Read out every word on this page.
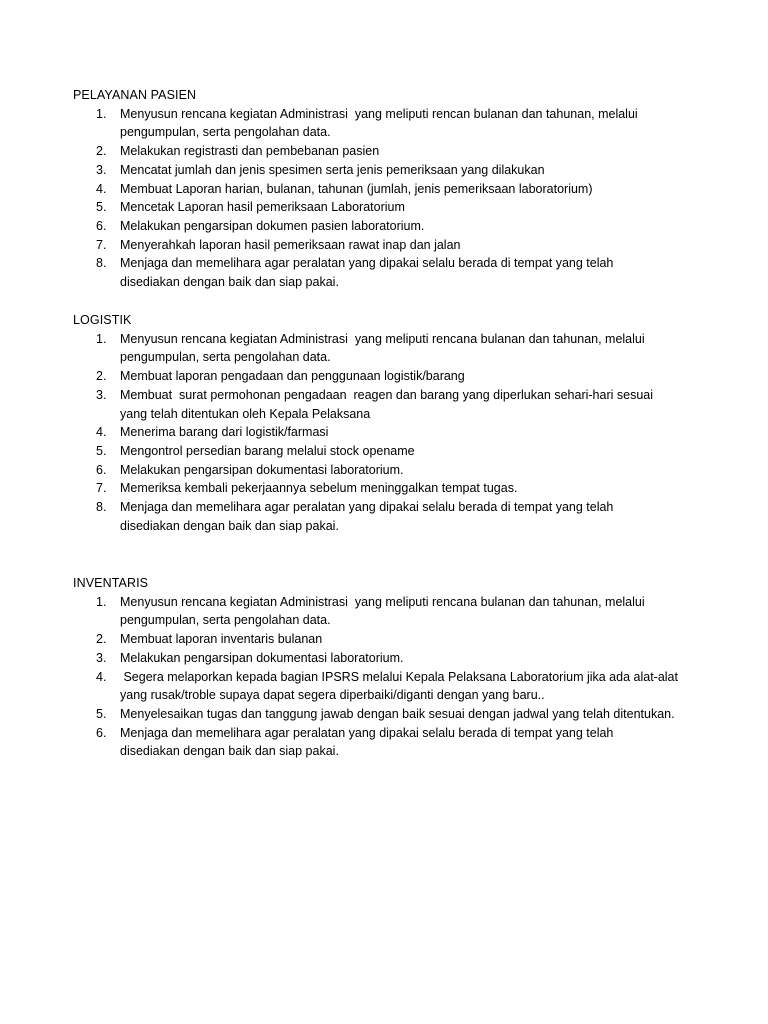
PELAYANAN PASIEN
1. Menyusun rencana kegiatan Administrasi  yang meliputi rencan bulanan dan tahunan, melalui
pengumpulan, serta pengolahan data.
2. Melakukan registrasti dan pembebanan pasien
3. Mencatat jumlah dan jenis spesimen serta jenis pemeriksaan yang dilakukan
4. Membuat Laporan harian, bulanan, tahunan (jumlah, jenis pemeriksaan laboratorium)
5. Mencetak Laporan hasil pemeriksaan Laboratorium
6. Melakukan pengarsipan dokumen pasien laboratorium.
7. Menyerahkah laporan hasil pemeriksaan rawat inap dan jalan
8. Menjaga dan memelihara agar peralatan yang dipakai selalu berada di tempat yang telah
disediakan dengan baik dan siap pakai.
LOGISTIK
1. Menyusun rencana kegiatan Administrasi  yang meliputi rencana bulanan dan tahunan, melalui
pengumpulan, serta pengolahan data.
2. Membuat laporan pengadaan dan penggunaan logistik/barang
3. Membuat  surat permohonan pengadaan  reagen dan barang yang diperlukan sehari-hari sesuai
yang telah ditentukan oleh Kepala Pelaksana
4. Menerima barang dari logistik/farmasi
5. Mengontrol persedian barang melalui stock opename
6. Melakukan pengarsipan dokumentasi laboratorium.
7. Memeriksa kembali pekerjaannya sebelum meninggalkan tempat tugas.
8. Menjaga dan memelihara agar peralatan yang dipakai selalu berada di tempat yang telah
disediakan dengan baik dan siap pakai.
INVENTARIS
1. Menyusun rencana kegiatan Administrasi  yang meliputi rencana bulanan dan tahunan, melalui
pengumpulan, serta pengolahan data.
2. Membuat laporan inventaris bulanan
3. Melakukan pengarsipan dokumentasi laboratorium.
4. Segera melaporkan kepada bagian IPSRS melalui Kepala Pelaksana Laboratorium jika ada alat-alat
yang rusak/troble supaya dapat segera diperbaiki/diganti dengan yang baru..
5. Menyelesaikan tugas dan tanggung jawab dengan baik sesuai dengan jadwal yang telah ditentukan.
6. Menjaga dan memelihara agar peralatan yang dipakai selalu berada di tempat yang telah
disediakan dengan baik dan siap pakai.
